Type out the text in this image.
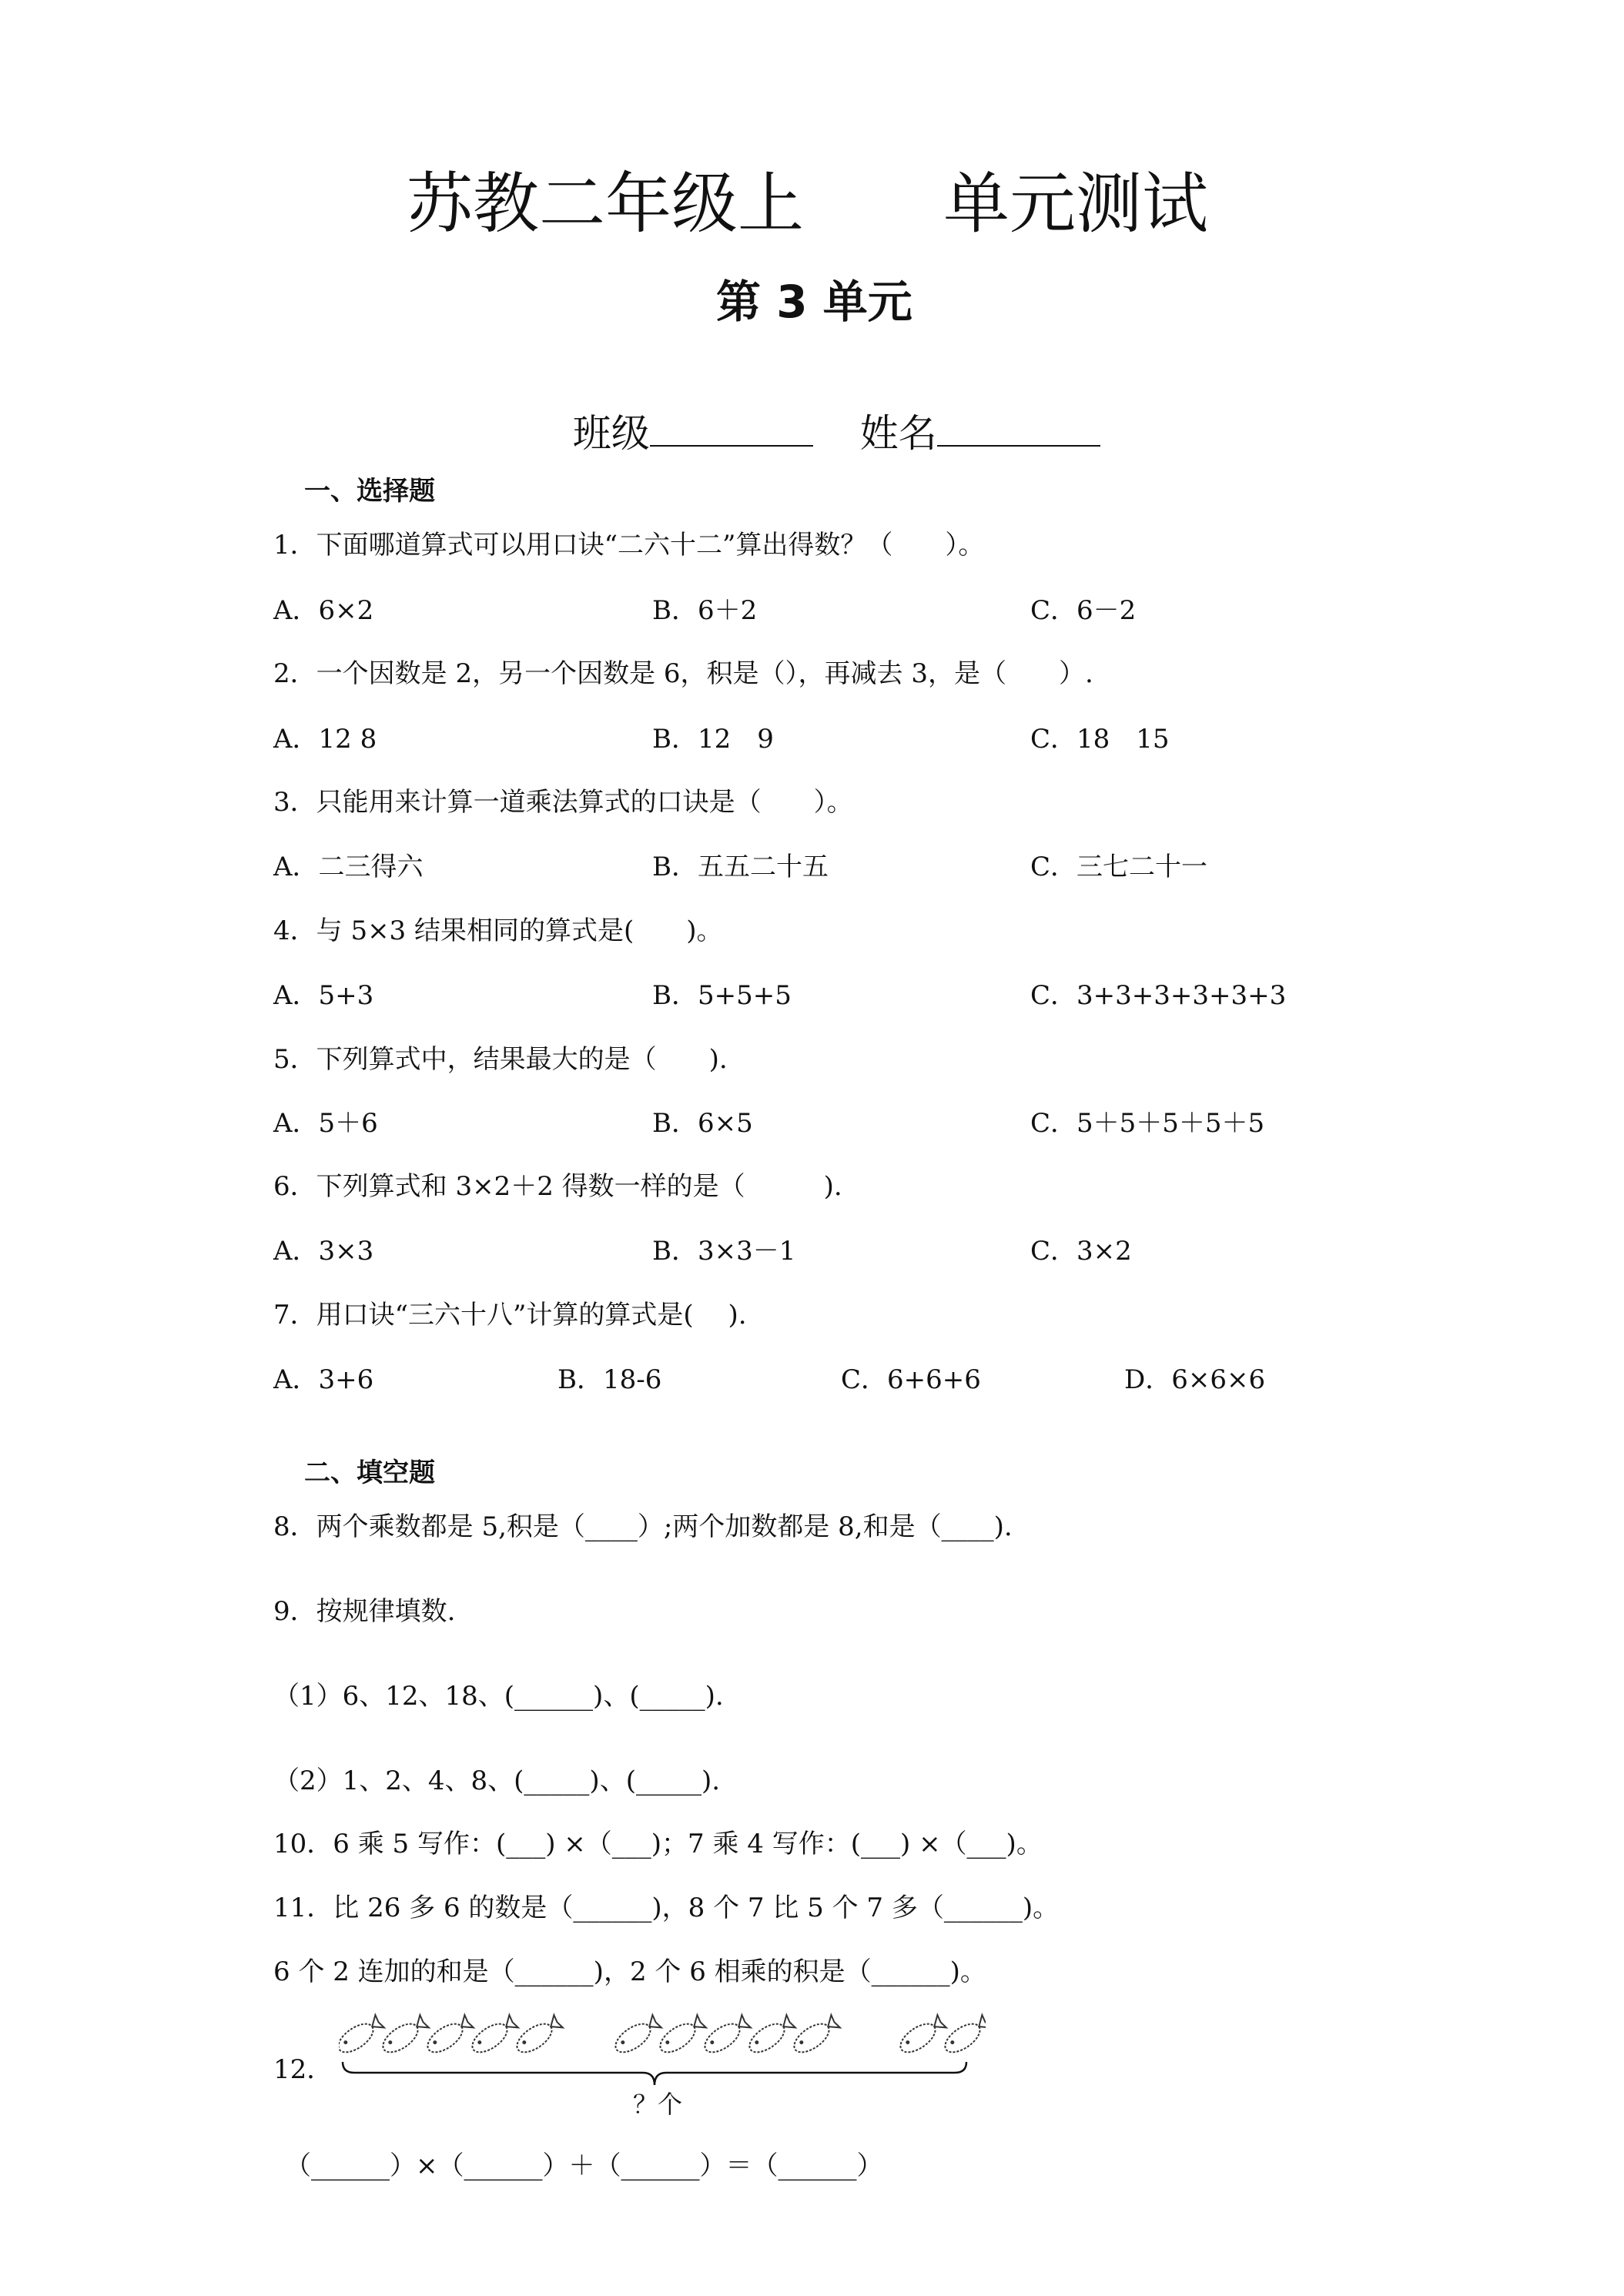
苏教二年级上 单元测试
第 3 单元

班级	姓名

一、选择题
1．下面哪道算式可以用口诀“二六十二”算出得数？（　　）。
A．6×2	B．6＋2	C．6－2
2．一个因数是 2，另一个因数是 6，积是（），再减去 3，是（　　）.
A．12 8	B．12　9	C．18　15
3．只能用来计算一道乘法算式的口诀是（　　）。
A．二三得六	B．五五二十五	C．三七二十一
4．与 5×3 结果相同的算式是(　　)。
A．5+3	B．5+5+5	C．3+3+3+3+3+3
5．下列算式中，结果最大的是（　　).
A．5＋6	B．6×5	C．5＋5＋5＋5＋5
6．下列算式和 3×2＋2 得数一样的是（　　　).
A．3×3	B．3×3－1	C．3×2
7．用口诀“三六十八”计算的算式是(　 ).
A．3+6	B．18-6	C．6+6+6	D．6×6×6
二、填空题
8．两个乘数都是 5,积是（____）;两个加数都是 8,和是（____).
9．按规律填数.
（1）6、12、18、(______)、(_____).
（2）1、2、4、8、(_____)、(_____).
10．6 乘 5 写作：(___) ×（___)；7 乘 4 写作：(___) ×（___)。
11．比 26 多 6 的数是（______)，8 个 7 比 5 个 7 多（______)。
6 个 2 连加的和是（______)，2 个 6 相乘的积是（______)。
12．
？个
（______）×（______）＋（______）＝（______）
